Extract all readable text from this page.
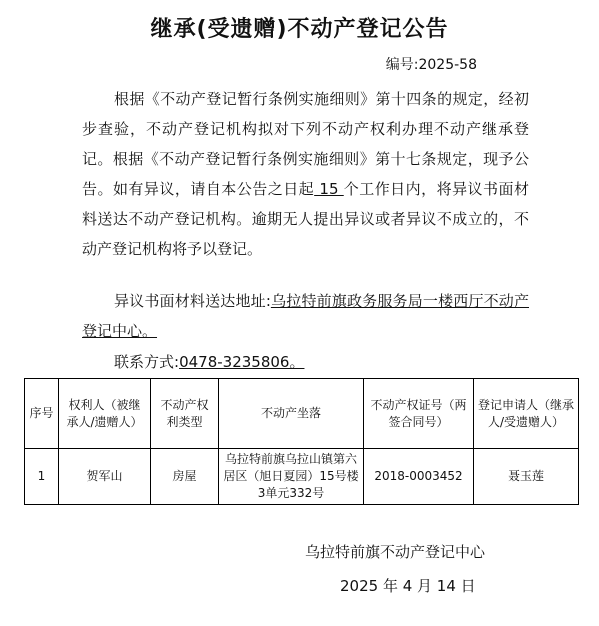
继承(受遗赠)不动产登记公告
编号:2025-58
根据《不动产登记暂行条例实施细则》第十四条的规定，经初步查验，不动产登记机构拟对下列不动产权利办理不动产继承登记。根据《不动产登记暂行条例实施细则》第十七条规定，现予公告。如有异议，请自本公告之日起 15 个工作日内，将异议书面材料送达不动产登记机构。逾期无人提出异议或者异议不成立的，不动产登记机构将予以登记。
异议书面材料送达地址:乌拉特前旗政务服务局一楼西厅不动产登记中心。
联系方式:0478-3235806。
序号	权利人（被继承人/遗赠人）	不动产权利类型	不动产坐落	不动产权证号（两签合同号）	登记申请人（继承人/受遗赠人）
1	贺军山	房屋	乌拉特前旗乌拉山镇第六居区（旭日夏园）15号楼3单元332号	2018-0003452	聂玉莲
乌拉特前旗不动产登记中心
2025 年 4 月 14 日
